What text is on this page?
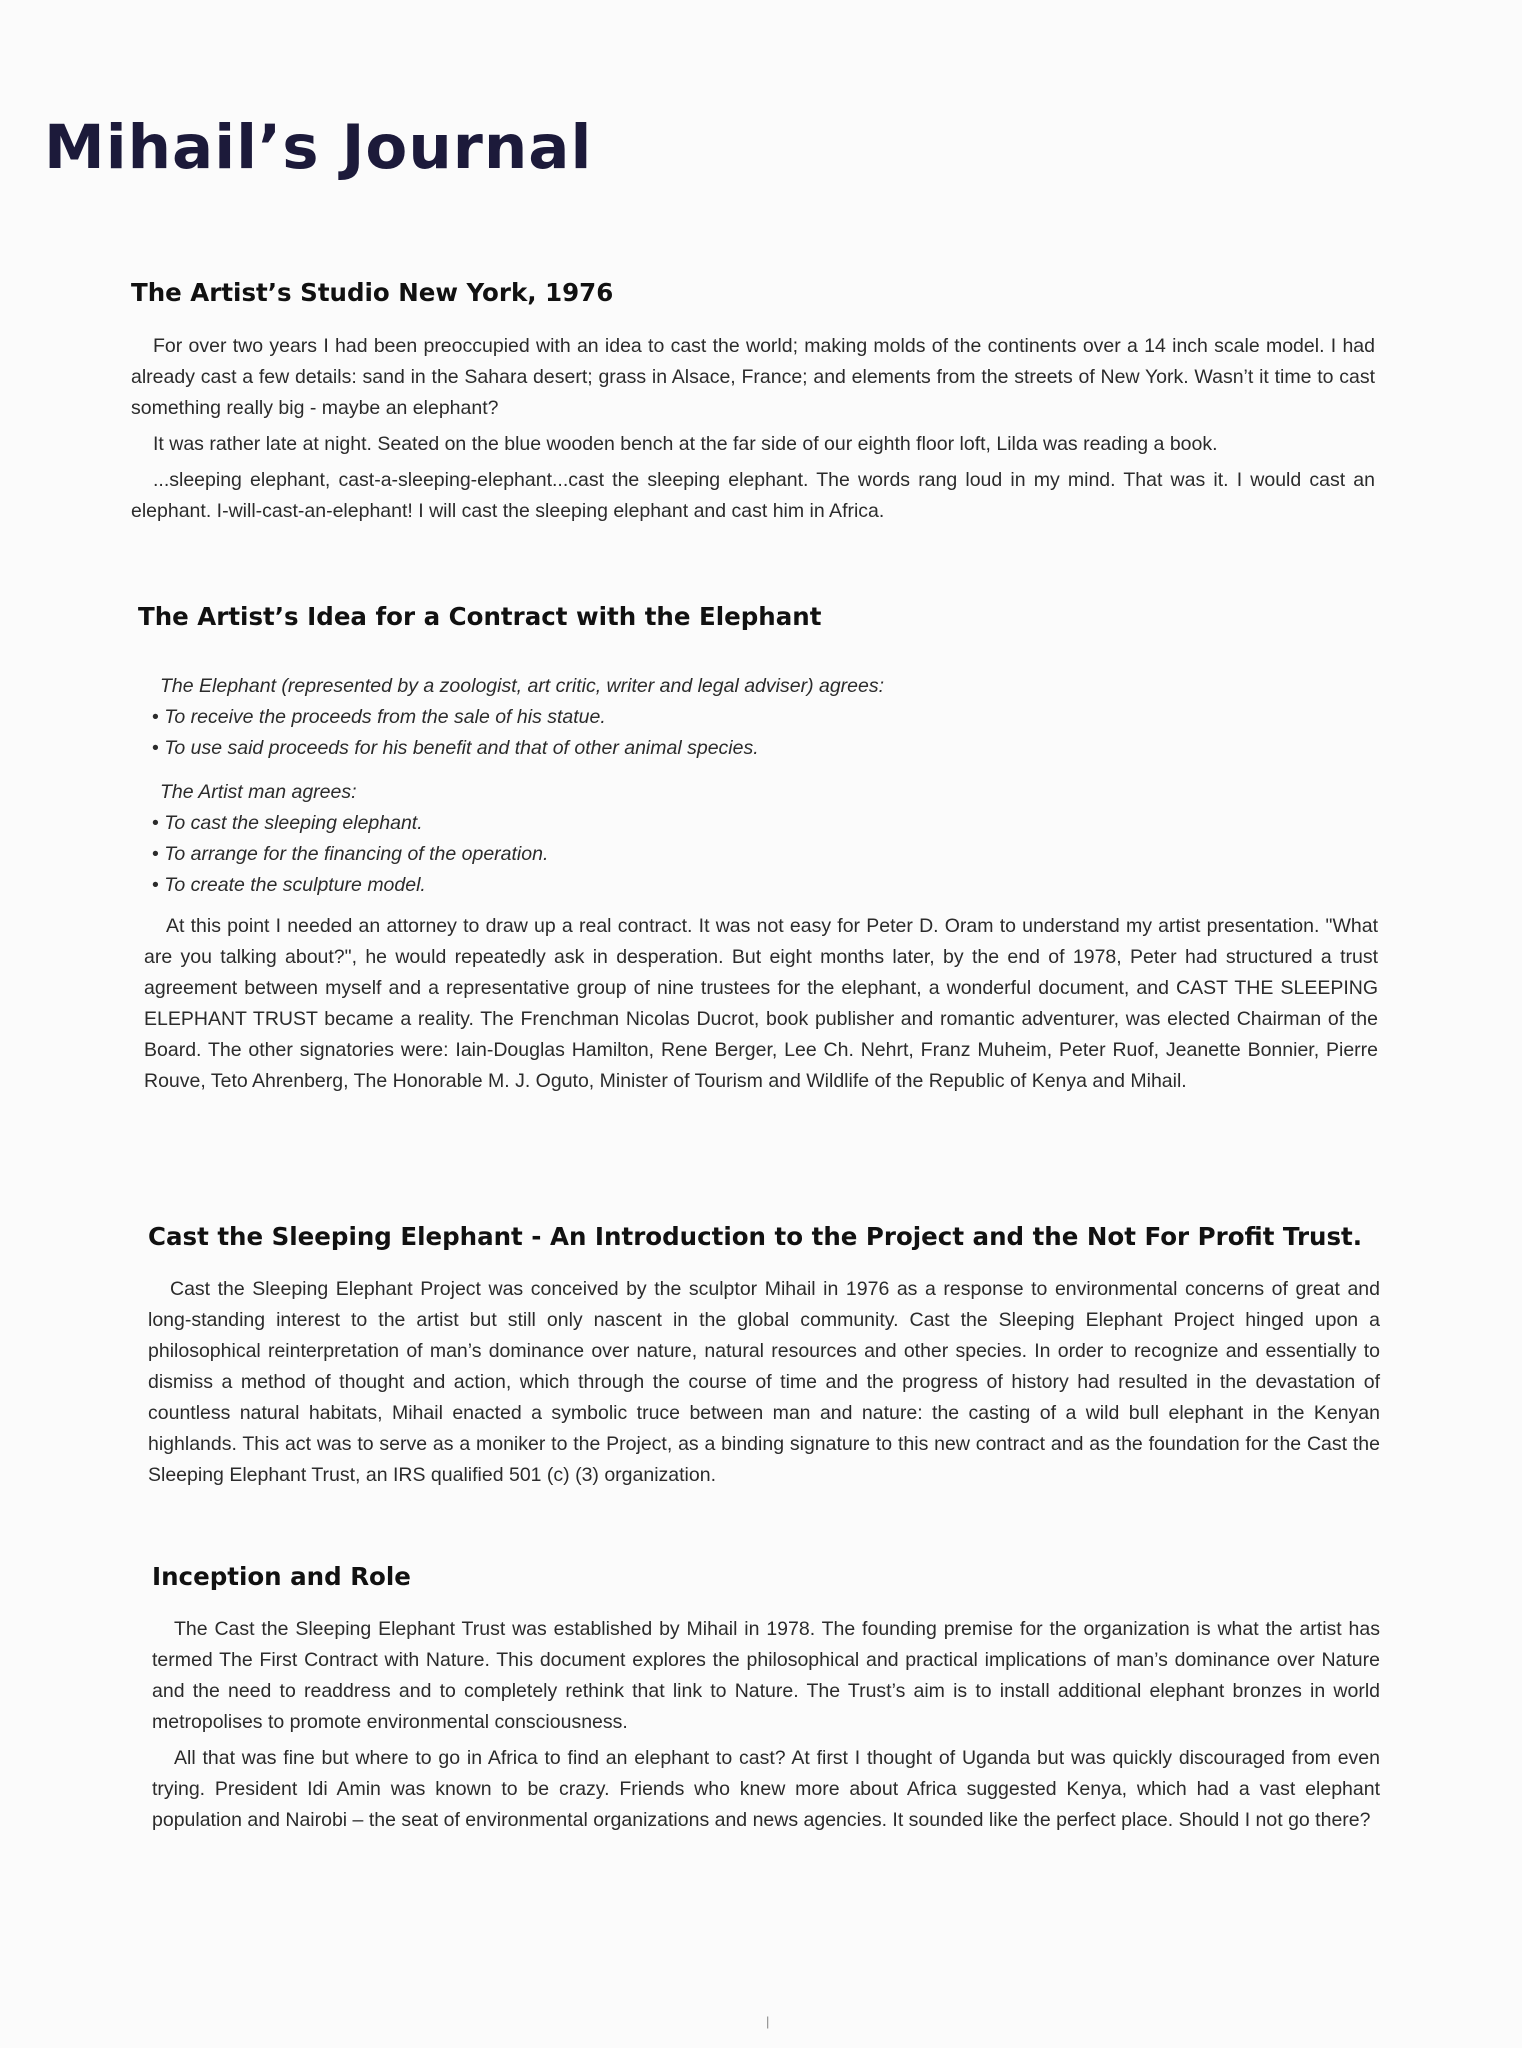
Mihail’s Journal
The Artist’s Studio New York, 1976

For over two years I had been preoccupied with an idea to cast the world; making molds of the continents over a 14 inch scale model. I had already cast a few details: sand in the Sahara desert; grass in Alsace, France; and elements from the streets of New York. Wasn’t it time to cast something really big - maybe an elephant?

It was rather late at night. Seated on the blue wooden bench at the far side of our eighth floor loft, Lilda was reading a book.

...sleeping elephant, cast-a-sleeping-elephant...cast the sleeping elephant. The words rang loud in my mind. That was it. I would cast an elephant. I-will-cast-an-elephant! I will cast the sleeping elephant and cast him in Africa.

The Artist’s Idea for a Contract with the Elephant

The Elephant (represented by a zoologist, art critic, writer and legal adviser) agrees:

• To receive the proceeds from the sale of his statue.
• To use said proceeds for his benefit and that of other animal species.

The Artist man agrees:

• To cast the sleeping elephant.
• To arrange for the financing of the operation.
• To create the sculpture model.

At this point I needed an attorney to draw up a real contract. It was not easy for Peter D. Oram to understand my artist presentation. "What are you talking about?", he would repeatedly ask in desperation. But eight months later, by the end of 1978, Peter had structured a trust agreement between myself and a representative group of nine trustees for the elephant, a wonderful document, and CAST THE SLEEPING ELEPHANT TRUST became a reality. The Frenchman Nicolas Ducrot, book publisher and romantic adventurer, was elected Chairman of the Board. The other signatories were: Iain-Douglas Hamilton, Rene Berger, Lee Ch. Nehrt, Franz Muheim, Peter Ruof, Jeanette Bonnier, Pierre Rouve, Teto Ahrenberg, The Honorable M. J. Oguto, Minister of Tourism and Wildlife of the Republic of Kenya and Mihail.

Cast the Sleeping Elephant - An Introduction to the Project and the Not For Profit Trust.

Cast the Sleeping Elephant Project was conceived by the sculptor Mihail in 1976 as a response to environmental concerns of great and long-standing interest to the artist but still only nascent in the global community. Cast the Sleeping Elephant Project hinged upon a philosophical reinterpretation of man’s dominance over nature, natural resources and other species. In order to recognize and essentially to dismiss a method of thought and action, which through the course of time and the progress of history had resulted in the devastation of countless natural habitats, Mihail enacted a symbolic truce between man and nature: the casting of a wild bull elephant in the Kenyan highlands. This act was to serve as a moniker to the Project, as a binding signature to this new contract and as the foundation for the Cast the Sleeping Elephant Trust, an IRS qualified 501 (c) (3) organization.

Inception and Role

The Cast the Sleeping Elephant Trust was established by Mihail in 1978. The founding premise for the organization is what the artist has termed The First Contract with Nature. This document explores the philosophical and practical implications of man’s dominance over Nature and the need to readdress and to completely rethink that link to Nature. The Trust’s aim is to install additional elephant bronzes in world metropolises to promote environmental consciousness.

All that was fine but where to go in Africa to find an elephant to cast? At first I thought of Uganda but was quickly discouraged from even trying. President Idi Amin was known to be crazy. Friends who knew more about Africa suggested Kenya, which had a vast elephant population and Nairobi – the seat of environmental organizations and news agencies. It sounded like the perfect place. Should I not go there?

|
